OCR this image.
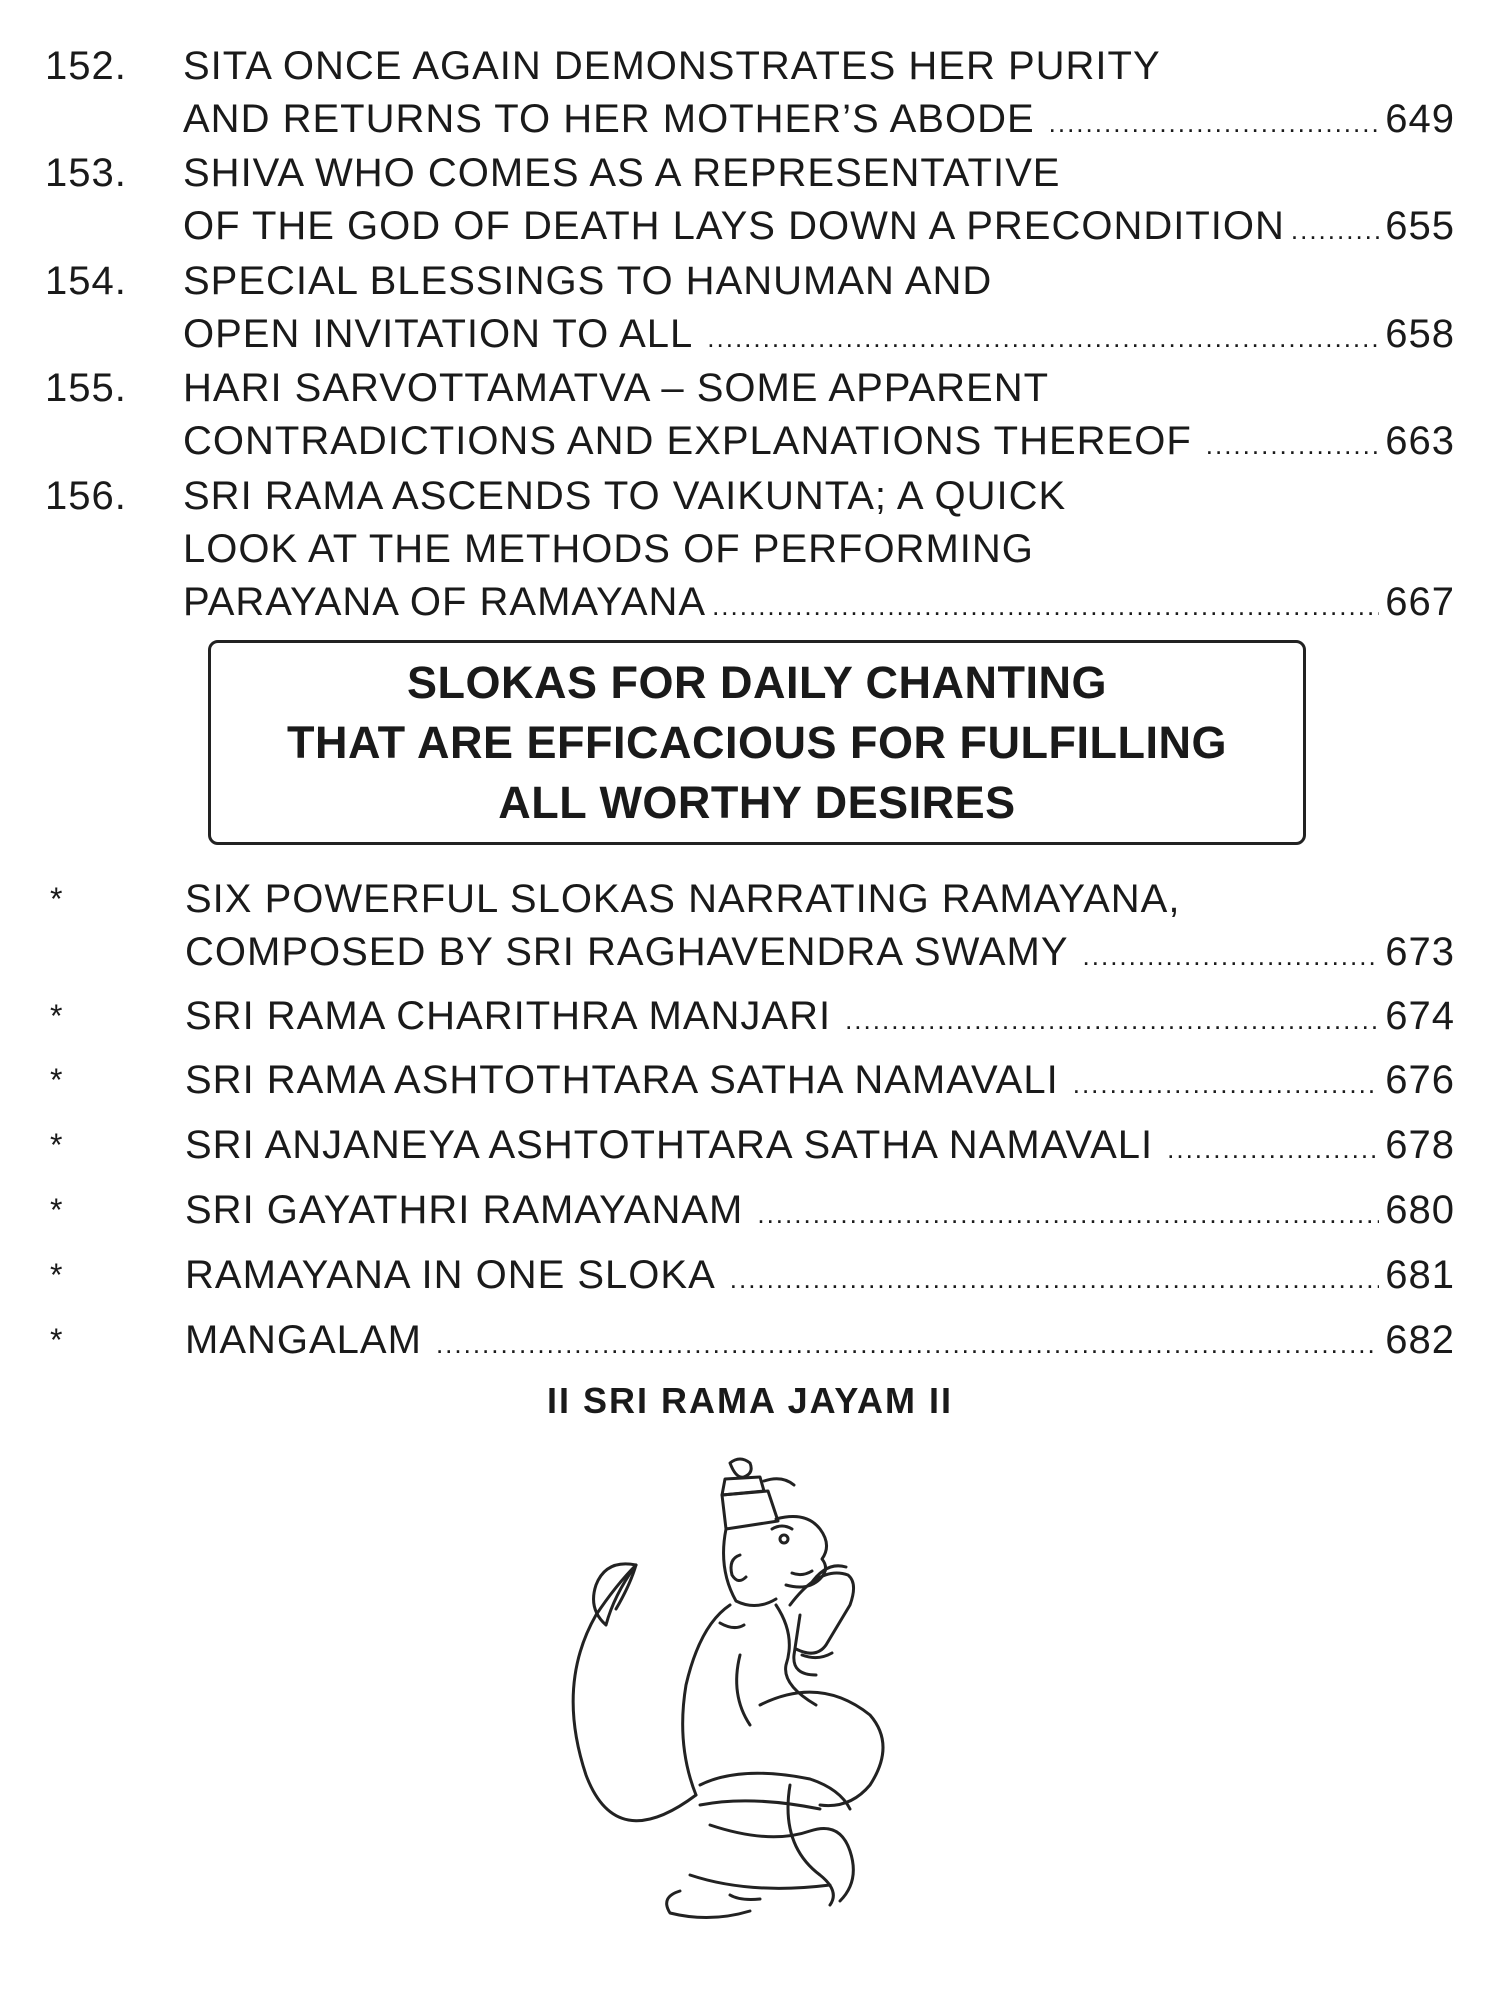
152.	SITA ONCE AGAIN DEMONSTRATES HER PURITY
AND RETURNS TO HER MOTHER’S ABODE .....	649
153.	SHIVA WHO COMES AS A REPRESENTATIVE
OF THE GOD OF DEATH LAYS DOWN A PRECONDITION .....	655
154.	SPECIAL BLESSINGS TO HANUMAN AND
OPEN INVITATION TO ALL .....	658
155.	HARI SARVOTTAMATVA – SOME APPARENT
CONTRADICTIONS AND EXPLANATIONS THEREOF .....	663
156.	SRI RAMA ASCENDS TO VAIKUNTA; A QUICK
LOOK AT THE METHODS OF PERFORMING
PARAYANA OF RAMAYANA .....	667
SLOKAS FOR DAILY CHANTING
THAT ARE EFFICACIOUS FOR FULFILLING
ALL WORTHY DESIRES
*	SIX POWERFUL SLOKAS NARRATING RAMAYANA,
COMPOSED BY SRI RAGHAVENDRA SWAMY .....	673
*	SRI RAMA CHARITHRA MANJARI .....	674
*	SRI RAMA ASHTOTHTARA SATHA NAMAVALI .....	676
*	SRI ANJANEYA ASHTOTHTARA SATHA NAMAVALI .....	678
*	SRI GAYATHRI RAMAYANAM .....	680
*	RAMAYANA IN ONE SLOKA .....	681
*	MANGALAM .....	682
II SRI RAMA JAYAM II
